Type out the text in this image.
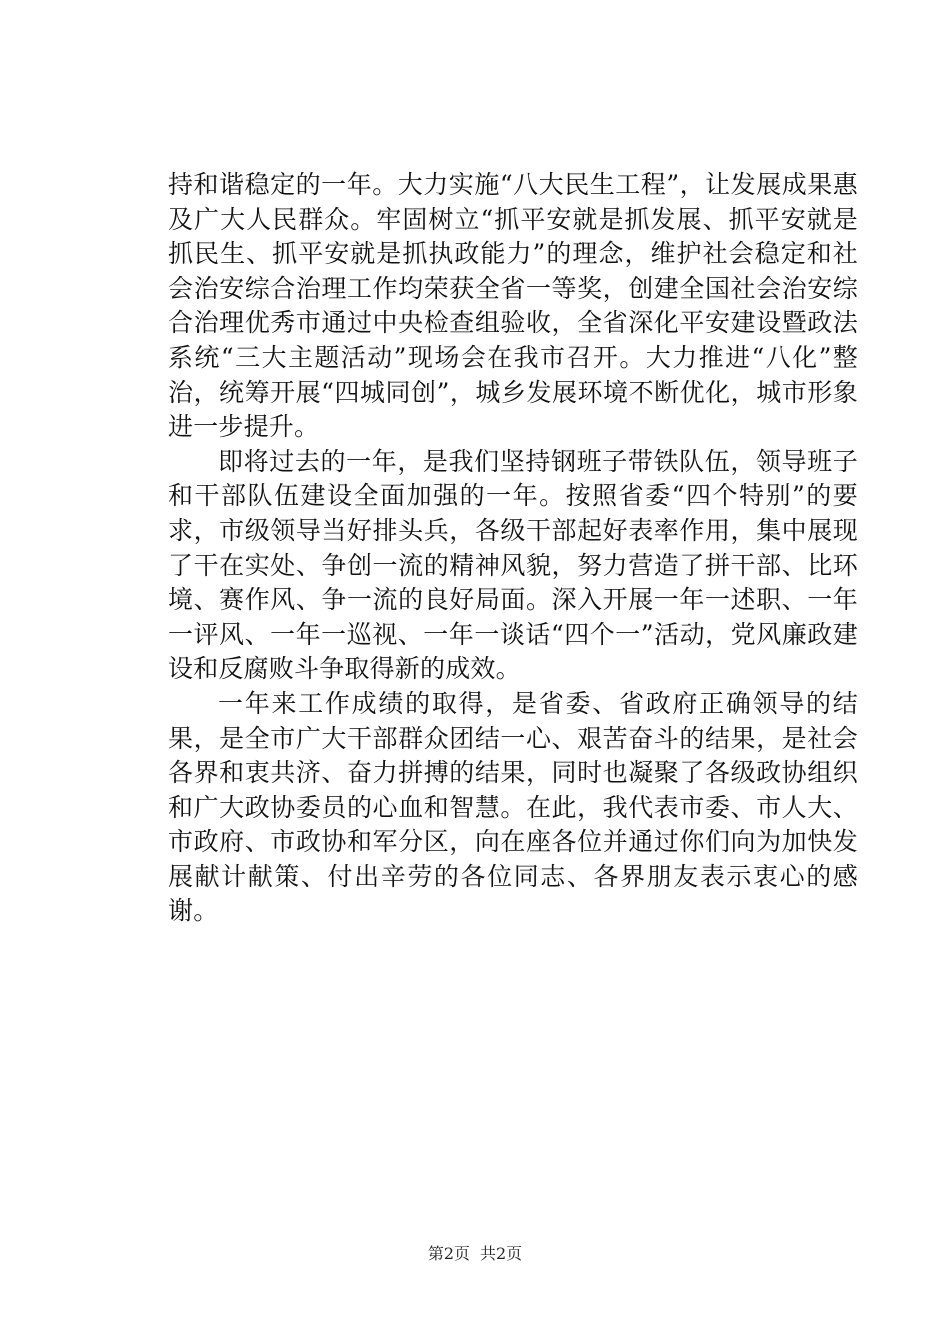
持和谐稳定的一年。大力实施“八大民生工程”，让发展成果惠及广大人民群众。牢固树立“抓平安就是抓发展、抓平安就是抓民生、抓平安就是抓执政能力”的理念，维护社会稳定和社会治安综合治理工作均荣获全省一等奖，创建全国社会治安综合治理优秀市通过中央检查组验收，全省深化平安建设暨政法系统“三大主题活动”现场会在我市召开。大力推进“八化”整治，统筹开展“四城同创”，城乡发展环境不断优化，城市形象进一步提升。

即将过去的一年，是我们坚持钢班子带铁队伍，领导班子和干部队伍建设全面加强的一年。按照省委“四个特别”的要求，市级领导当好排头兵，各级干部起好表率作用，集中展现了干在实处、争创一流的精神风貌，努力营造了拼干部、比环境、赛作风、争一流的良好局面。深入开展一年一述职、一年一评风、一年一巡视、一年一谈话“四个一”活动，党风廉政建设和反腐败斗争取得新的成效。

一年来工作成绩的取得，是省委、省政府正确领导的结果，是全市广大干部群众团结一心、艰苦奋斗的结果，是社会各界和衷共济、奋力拼搏的结果，同时也凝聚了各级政协组织和广大政协委员的心血和智慧。在此，我代表市委、市人大、市政府、市政协和军分区，向在座各位并通过你们向为加快发展献计献策、付出辛劳的各位同志、各界朋友表示衷心的感谢。

第2页 共2页
